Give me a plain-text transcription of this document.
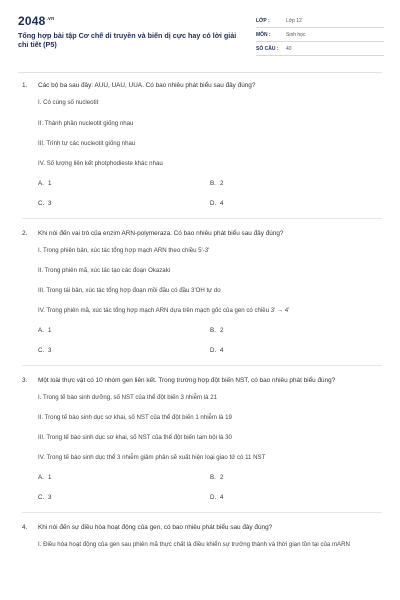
$2048^{.vn}$
Tổng hợp bài tập Cơ chế di truyền và biến dị cực hay có lời giải chi tiết (P5)
LỚP :	Lớp 12
MÔN :	Sinh học
SỐ CÂU :	40
1.	Các bộ ba sau đây: AUU, UAU, UUA. Có bao nhiêu phát biểu sau đây đúng?
I. Có cùng số nucleotit
II. Thành phần nucleotit giống nhau
III. Trình tự các nucleotit giống nhau
IV. Số lượng liên kết photphodieste khác nhau
A. 1	B. 2
C. 3	D. 4
2.	Khi nói đến vai trò của enzim ARN-polymeraza. Có bao nhiêu phát biểu sau đây đúng?
I. Trong phiên bản, xúc tác tổng hợp mạch ARN theo chiều 5'-3'
II. Trong phiên mã, xúc tác tạo các đoạn Okazaki
III. Trong tái bản, xúc tác tổng hợp đoạn mồi đầu có đầu 3'OH tự do
IV. Trong phiên mã, xúc tác tổng hợp mạch ARN dựa trên mạch gốc của gen có chiều 3' → 4'
A. 1	B. 2
C. 3	D. 4
3.	Một loài thực vật có 10 nhóm gen liên kết. Trong trường hợp đột biến NST, có bao nhiêu phát biểu đúng?
I. Trong tế bào sinh dưỡng, số NST của thể đột biến 3 nhiễm là 21
II. Trong tế bào sinh dục sơ khai, số NST của thể đột biến 1 nhiễm là 19
III. Trong tế bào sinh dục sơ khai, số NST của thể đột biến tam bội là 30
IV. Trong tế bào sinh dục thể 3 nhiễm giảm phân sẽ xuất hiện loại giao tử có 11 NST
A. 1	B. 2
C. 3	D. 4
4.	Khi nói đến sự điều hòa hoạt động của gen, có bao nhiêu phát biểu sau đây đúng?
I. Điều hòa hoạt động của gen sau phiên mã thực chất là điều khiển sự trưởng thành và thời gian tồn tại của mARN
